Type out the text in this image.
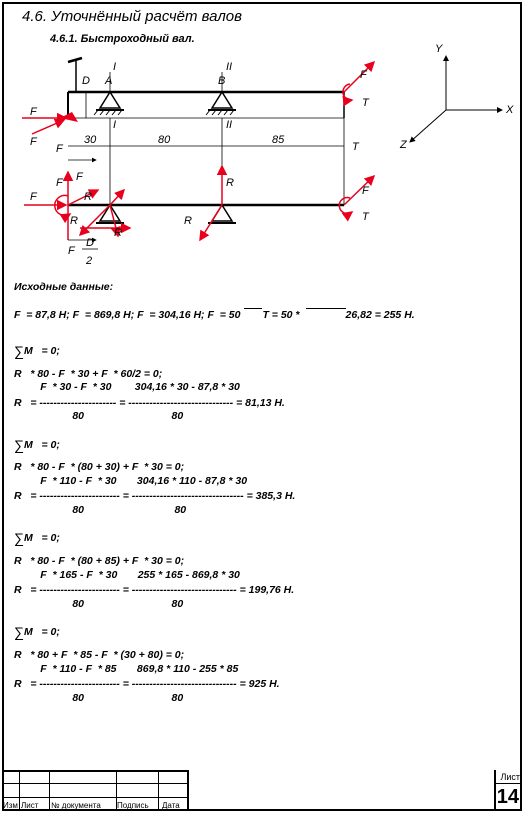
4.6. Уточнённый расчёт валов
4.6.1. Быстроходный вал.
D A	B
I	II
I	II
F
F
F
F
T
30	80	85
T
F F
F	R
R
R
R
R
F
T
F
D
2
Y
X
Z
Исходные данные:
F  = 87,8 Н; F  = 869,8 Н; F  = 304,16 Н; F  = 50 T = 50 *	26,82 = 255 Н.
∑M   = 0;
R   * 80 - F  * 30 + F  * 60/2 = 0;
F  * 30 - F  * 30        304,16 * 30 - 87,8 * 30
R   = ---------------------- = ------------------------------ = 81,13 Н.
80                              80
∑M   = 0;
R   * 80 - F  * (80 + 30) + F  * 30 = 0;
F  * 110 - F  * 30       304,16 * 110 - 87,8 * 30
R   = ----------------------- = -------------------------------- = 385,3 Н.
80                               80
∑M   = 0;
R   * 80 - F  * (80 + 85) + F  * 30 = 0;
F  * 165 - F  * 30       255 * 165 - 869,8 * 30
R   = ----------------------- = ------------------------------ = 199,76 Н.
80                              80
∑M   = 0;
R   * 80 + F  * 85 - F  * (30 + 80) = 0;
F  * 110 - F  * 85       869,8 * 110 - 255 * 85
R   = ----------------------- = ------------------------------ = 925 Н.
80                              80
Изм Лист № документа Подпись Дата
Лист
14
